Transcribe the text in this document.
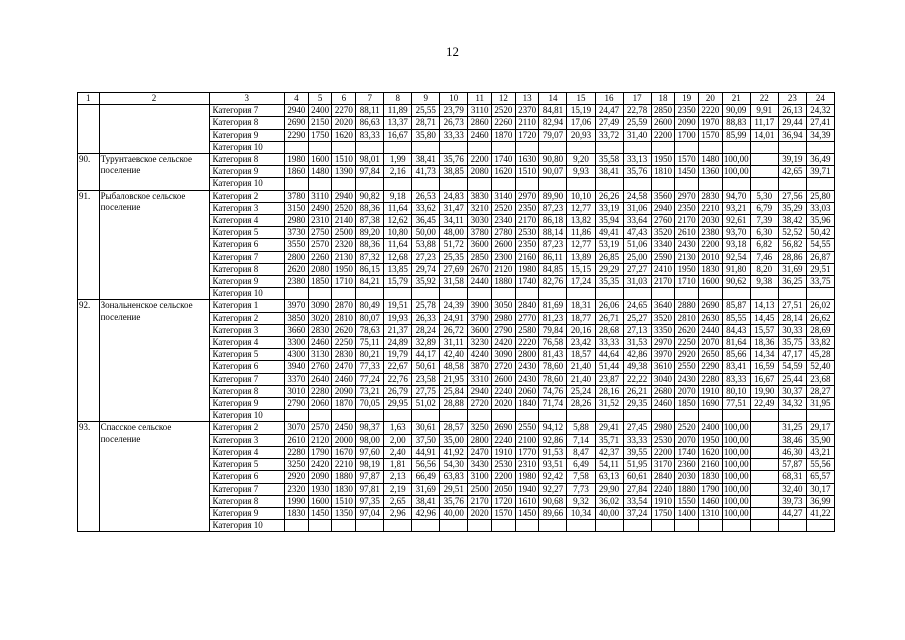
12
1	2	3	4	5	6	7	8	9	10	11	12	13	14	15	16	17	18	19	20	21	22	23	24
		Категория 7	2940	2400	2270	88,11	11,89	25,55	23,79	3110	2520	2370	84,81	15,19	24,47	22,78	2850	2350	2220	90,09	9,91	26,13	24,32
		Категория 8	2690	2150	2020	86,63	13,37	28,71	26,73	2860	2260	2110	82,94	17,06	27,49	25,59	2600	2090	1970	88,83	11,17	29,44	27,41
		Категория 9	2290	1750	1620	83,33	16,67	35,80	33,33	2460	1870	1720	79,07	20,93	33,72	31,40	2200	1700	1570	85,99	14,01	36,94	34,39
		Категория 10																					
90.	Турунтаевское сельское поселение	Категория 8	1980	1600	1510	98,01	1,99	38,41	35,76	2200	1740	1630	90,80	9,20	35,58	33,13	1950	1570	1480	100,00		39,19	36,49
		Категория 9	1860	1480	1390	97,84	2,16	41,73	38,85	2080	1620	1510	90,07	9,93	38,41	35,76	1810	1450	1360	100,00		42,65	39,71
		Категория 10																					
91.	Рыбаловское сельское поселение	Категория 2	3780	3110	2940	90,82	9,18	26,53	24,83	3830	3140	2970	89,90	10,10	26,26	24,58	3560	2970	2830	94,70	5,30	27,56	25,80
		Категория 3	3150	2490	2520	88,36	11,64	33,62	31,47	3210	2520	2350	87,23	12,77	33,19	31,06	2940	2350	2210	93,21	6,79	35,29	33,03
		Категория 4	2980	2310	2140	87,38	12,62	36,45	34,11	3030	2340	2170	86,18	13,82	35,94	33,64	2760	2170	2030	92,61	7,39	38,42	35,96
		Категория 5	3730	2750	2500	89,20	10,80	50,00	48,00	3780	2780	2530	88,14	11,86	49,41	47,43	3520	2610	2380	93,70	6,30	52,52	50,42
		Категория 6	3550	2570	2320	88,36	11,64	53,88	51,72	3600	2600	2350	87,23	12,77	53,19	51,06	3340	2430	2200	93,18	6,82	56,82	54,55
		Категория 7	2800	2260	2130	87,32	12,68	27,23	25,35	2850	2300	2160	86,11	13,89	26,85	25,00	2590	2130	2010	92,54	7,46	28,86	26,87
		Категория 8	2620	2080	1950	86,15	13,85	29,74	27,69	2670	2120	1980	84,85	15,15	29,29	27,27	2410	1950	1830	91,80	8,20	31,69	29,51
		Категория 9	2380	1850	1710	84,21	15,79	35,92	31,58	2440	1880	1740	82,76	17,24	35,35	31,03	2170	1710	1600	90,62	9,38	36,25	33,75
		Категория 10																					
92.	Зональненское сельское поселение	Категория 1	3970	3090	2870	80,49	19,51	25,78	24,39	3900	3050	2840	81,69	18,31	26,06	24,65	3640	2880	2690	85,87	14,13	27,51	26,02
		Категория 2	3850	3020	2810	80,07	19,93	26,33	24,91	3790	2980	2770	81,23	18,77	26,71	25,27	3520	2810	2630	85,55	14,45	28,14	26,62
		Категория 3	3660	2830	2620	78,63	21,37	28,24	26,72	3600	2790	2580	79,84	20,16	28,68	27,13	3350	2620	2440	84,43	15,57	30,33	28,69
		Категория 4	3300	2460	2250	75,11	24,89	32,89	31,11	3230	2420	2220	76,58	23,42	33,33	31,53	2970	2250	2070	81,64	18,36	35,75	33,82
		Категория 5	4300	3130	2830	80,21	19,79	44,17	42,40	4240	3090	2800	81,43	18,57	44,64	42,86	3970	2920	2650	85,66	14,34	47,17	45,28
		Категория 6	3940	2760	2470	77,33	22,67	50,61	48,58	3870	2720	2430	78,60	21,40	51,44	49,38	3610	2550	2290	83,41	16,59	54,59	52,40
		Категория 7	3370	2640	2460	77,24	22,76	23,58	21,95	3310	2600	2430	78,60	21,40	23,87	22,22	3040	2430	2280	83,33	16,67	25,44	23,68
		Категория 8	3010	2280	2090	73,21	26,79	27,75	25,84	2940	2240	2060	74,76	25,24	28,16	26,21	2680	2070	1910	80,10	19,90	30,37	28,27
		Категория 9	2790	2060	1870	70,05	29,95	51,02	28,88	2720	2020	1840	71,74	28,26	31,52	29,35	2460	1850	1690	77,51	22,49	34,32	31,95
		Категория 10																					
93.	Спасское сельское поселение	Категория 2	3070	2570	2450	98,37	1,63	30,61	28,57	3250	2690	2550	94,12	5,88	29,41	27,45	2980	2520	2400	100,00		31,25	29,17
		Категория 3	2610	2120	2000	98,00	2,00	37,50	35,00	2800	2240	2100	92,86	7,14	35,71	33,33	2530	2070	1950	100,00		38,46	35,90
		Категория 4	2280	1790	1670	97,60	2,40	44,91	41,92	2470	1910	1770	91,53	8,47	42,37	39,55	2200	1740	1620	100,00		46,30	43,21
		Категория 5	3250	2420	2210	98,19	1,81	56,56	54,30	3430	2530	2310	93,51	6,49	54,11	51,95	3170	2360	2160	100,00		57,87	55,56
		Категория 6	2920	2090	1880	97,87	2,13	66,49	63,83	3100	2200	1980	92,42	7,58	63,13	60,61	2840	2030	1830	100,00		68,31	65,57
		Категория 7	2320	1930	1830	97,81	2,19	31,69	29,51	2500	2050	1940	92,27	7,73	29,90	27,84	2240	1880	1790	100,00		32,40	30,17
		Категория 8	1990	1600	1510	97,35	2,65	38,41	35,76	2170	1720	1610	90,68	9,32	36,02	33,54	1910	1550	1460	100,00		39,73	36,99
		Категория 9	1830	1450	1350	97,04	2,96	42,96	40,00	2020	1570	1450	89,66	10,34	40,00	37,24	1750	1400	1310	100,00		44,27	41,22
		Категория 10																					
